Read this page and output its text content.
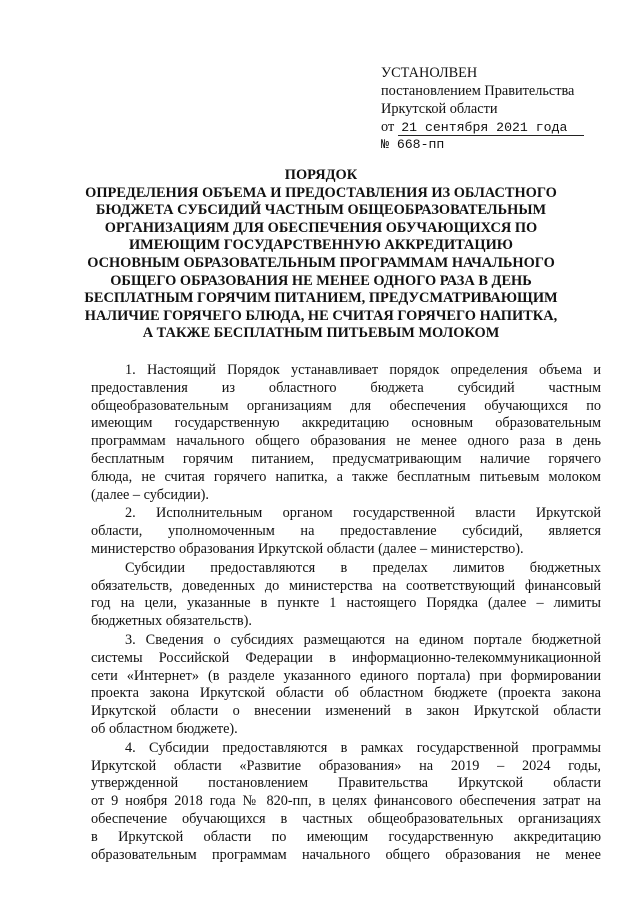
УСТАНОЛВЕН
постановлением Правительства
Иркутской области
от 21 сентября 2021 года
№ 668-пп
ПОРЯДОК
ОПРЕДЕЛЕНИЯ ОБЪЕМА И ПРЕДОСТАВЛЕНИЯ ИЗ ОБЛАСТНОГО
БЮДЖЕТА СУБСИДИЙ ЧАСТНЫМ ОБЩЕОБРАЗОВАТЕЛЬНЫМ
ОРГАНИЗАЦИЯМ ДЛЯ ОБЕСПЕЧЕНИЯ ОБУЧАЮЩИХСЯ ПО
ИМЕЮЩИМ ГОСУДАРСТВЕННУЮ АККРЕДИТАЦИЮ
ОСНОВНЫМ ОБРАЗОВАТЕЛЬНЫМ ПРОГРАММАМ НАЧАЛЬНОГО
ОБЩЕГО ОБРАЗОВАНИЯ НЕ МЕНЕЕ ОДНОГО РАЗА В ДЕНЬ
БЕСПЛАТНЫМ ГОРЯЧИМ ПИТАНИЕМ, ПРЕДУСМАТРИВАЮЩИМ
НАЛИЧИЕ ГОРЯЧЕГО БЛЮДА, НЕ СЧИТАЯ ГОРЯЧЕГО НАПИТКА,
А ТАКЖЕ БЕСПЛАТНЫМ ПИТЬЕВЫМ МОЛОКОМ

1. Настоящий Порядок устанавливает порядок определения объема и
предоставления из областного бюджета субсидий частным
общеобразовательным организациям для обеспечения обучающихся по
имеющим государственную аккредитацию основным образовательным
программам начального общего образования не менее одного раза в день
бесплатным горячим питанием, предусматривающим наличие горячего
блюда, не считая горячего напитка, а также бесплатным питьевым молоком
(далее – субсидии).

2. Исполнительным органом государственной власти Иркутской
области, уполномоченным на предоставление субсидий, является
министерство образования Иркутской области (далее – министерство).

Субсидии предоставляются в пределах лимитов бюджетных
обязательств, доведенных до министерства на соответствующий финансовый
год на цели, указанные в пункте 1 настоящего Порядка (далее – лимиты
бюджетных обязательств).

3. Сведения о субсидиях размещаются на едином портале бюджетной
системы Российской Федерации в информационно-телекоммуникационной
сети «Интернет» (в разделе указанного единого портала) при формировании
проекта закона Иркутской области об областном бюджете (проекта закона
Иркутской области о внесении изменений в закон Иркутской области
об областном бюджете).

4. Субсидии предоставляются в рамках государственной программы
Иркутской области «Развитие образования» на 2019 – 2024 годы,
утвержденной постановлением Правительства Иркутской области
от 9 ноября 2018 года № 820-пп, в целях финансового обеспечения затрат на
обеспечение обучающихся в частных общеобразовательных организациях
в Иркутской области по имеющим государственную аккредитацию
образовательным программам начального общего образования не менее
